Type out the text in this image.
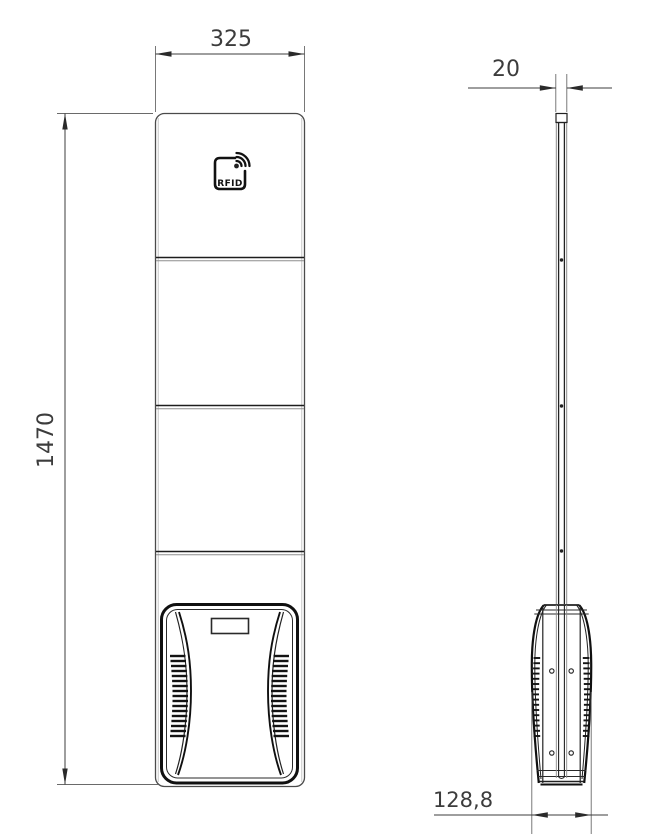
RFID
325
1470
20
128,8
